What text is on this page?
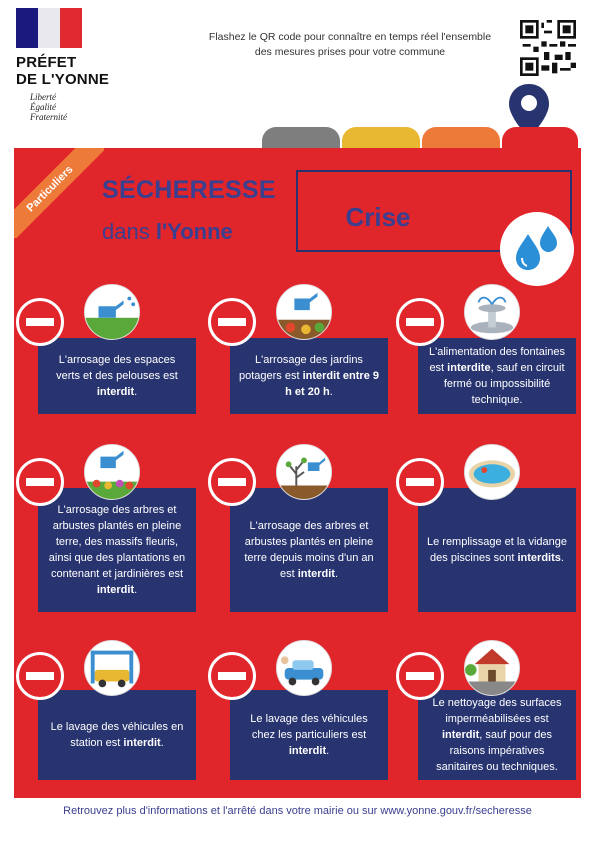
PRÉFET
DE L'YONNE
Liberté
Égalité
Fraternité
Flashez le QR code pour connaître en temps réel l'ensemble des mesures prises pour votre commune
Particuliers	SÉCHERESSE
dans l'Yonne	Crise
L'arrosage des espaces verts et des pelouses est interdit.
L'arrosage des jardins potagers est interdit entre 9 h et 20 h.
L'alimentation des fontaines est interdite, sauf en circuit fermé ou impossibilité technique.
L'arrosage des arbres et arbustes plantés en pleine terre, des massifs fleuris, ainsi que des plantations en contenant et jardinières est interdit.
L'arrosage des arbres et arbustes plantés en pleine terre depuis moins d'un an est interdit.
Le remplissage et la vidange des piscines sont interdits.
Le lavage des véhicules en station est interdit.
Le lavage des véhicules chez les particuliers est interdit.
Le nettoyage des surfaces imperméabilisées est interdit, sauf pour des raisons impératives sanitaires ou techniques.
Retrouvez plus d'informations et l'arrêté dans votre mairie ou sur www.yonne.gouv.fr/secheresse
